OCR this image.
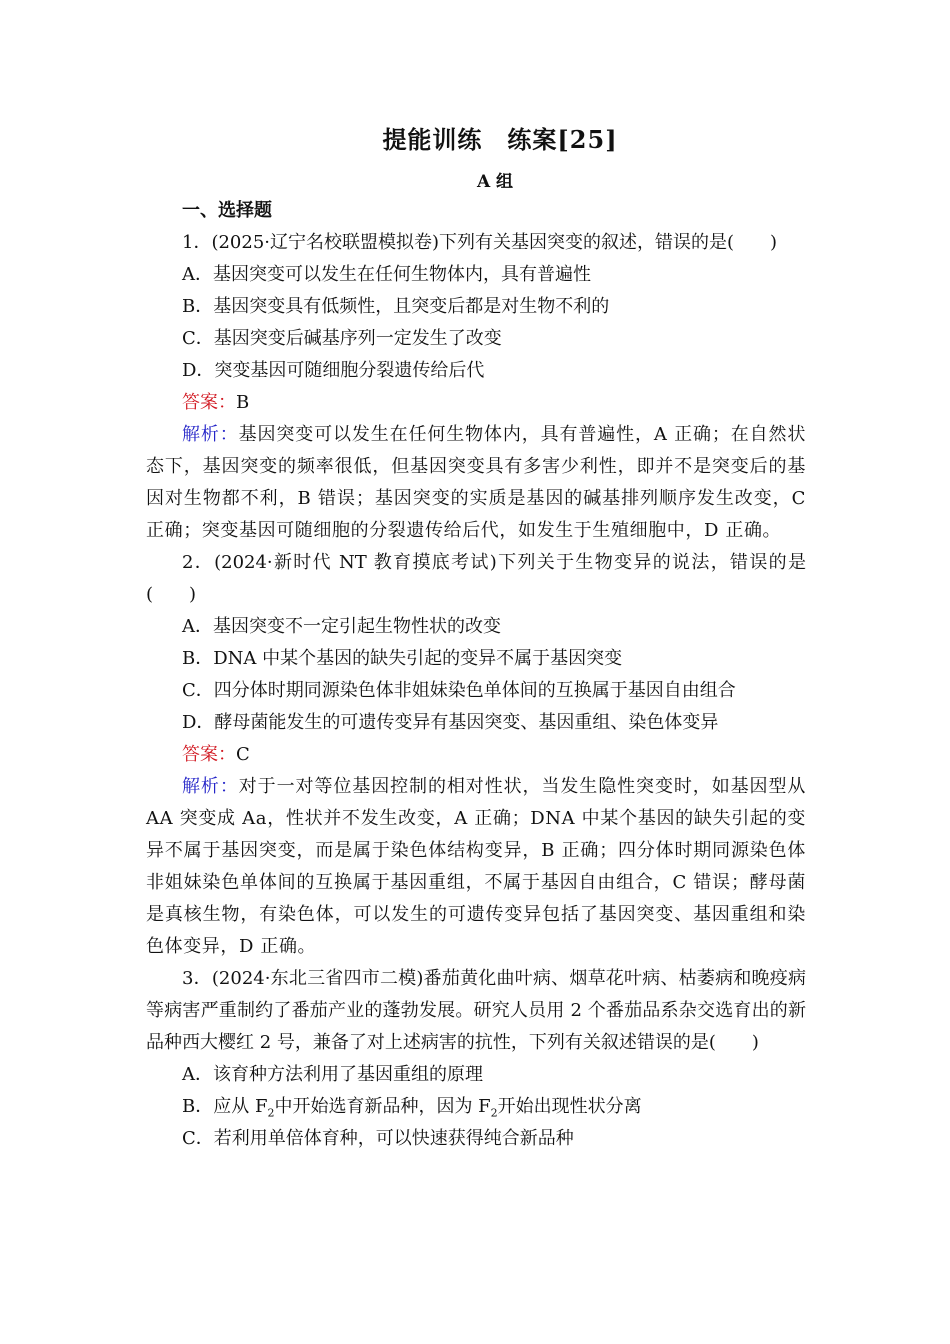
提能训练　练案[25]
A 组
一、选择题

1．(2025·辽宁名校联盟模拟卷)下列有关基因突变的叙述，错误的是(　　)

A．基因突变可以发生在任何生物体内，具有普遍性

B．基因突变具有低频性，且突变后都是对生物不利的

C．基因突变后碱基序列一定发生了改变

D．突变基因可随细胞分裂遗传给后代

答案：B

解析：基因突变可以发生在任何生物体内，具有普遍性，A 正确；在自然状态下，基因突变的频率很低，但基因突变具有多害少利性，即并不是突变后的基因对生物都不利，B 错误；基因突变的实质是基因的碱基排列顺序发生改变，C 正确；突变基因可随细胞的分裂遗传给后代，如发生于生殖细胞中，D 正确。

2．(2024·新时代 NT 教育摸底考试)下列关于生物变异的说法，错误的是(　　)

A．基因突变不一定引起生物性状的改变

B．DNA 中某个基因的缺失引起的变异不属于基因突变

C．四分体时期同源染色体非姐妹染色单体间的互换属于基因自由组合

D．酵母菌能发生的可遗传变异有基因突变、基因重组、染色体变异

答案：C

解析：对于一对等位基因控制的相对性状，当发生隐性突变时，如基因型从 AA 突变成 Aa，性状并不发生改变，A 正确；DNA 中某个基因的缺失引起的变异不属于基因突变，而是属于染色体结构变异，B 正确；四分体时期同源染色体非姐妹染色单体间的互换属于基因重组，不属于基因自由组合，C 错误；酵母菌是真核生物，有染色体，可以发生的可遗传变异包括了基因突变、基因重组和染色体变异，D 正确。

3．(2024·东北三省四市二模)番茄黄化曲叶病、烟草花叶病、枯萎病和晚疫病等病害严重制约了番茄产业的蓬勃发展。研究人员用 2 个番茄品系杂交选育出的新品种西大樱红 2 号，兼备了对上述病害的抗性，下列有关叙述错误的是(　　)

A．该育种方法利用了基因重组的原理

B．应从 $F_2$中开始选育新品种，因为 $F_2$开始出现性状分离

C．若利用单倍体育种，可以快速获得纯合新品种
